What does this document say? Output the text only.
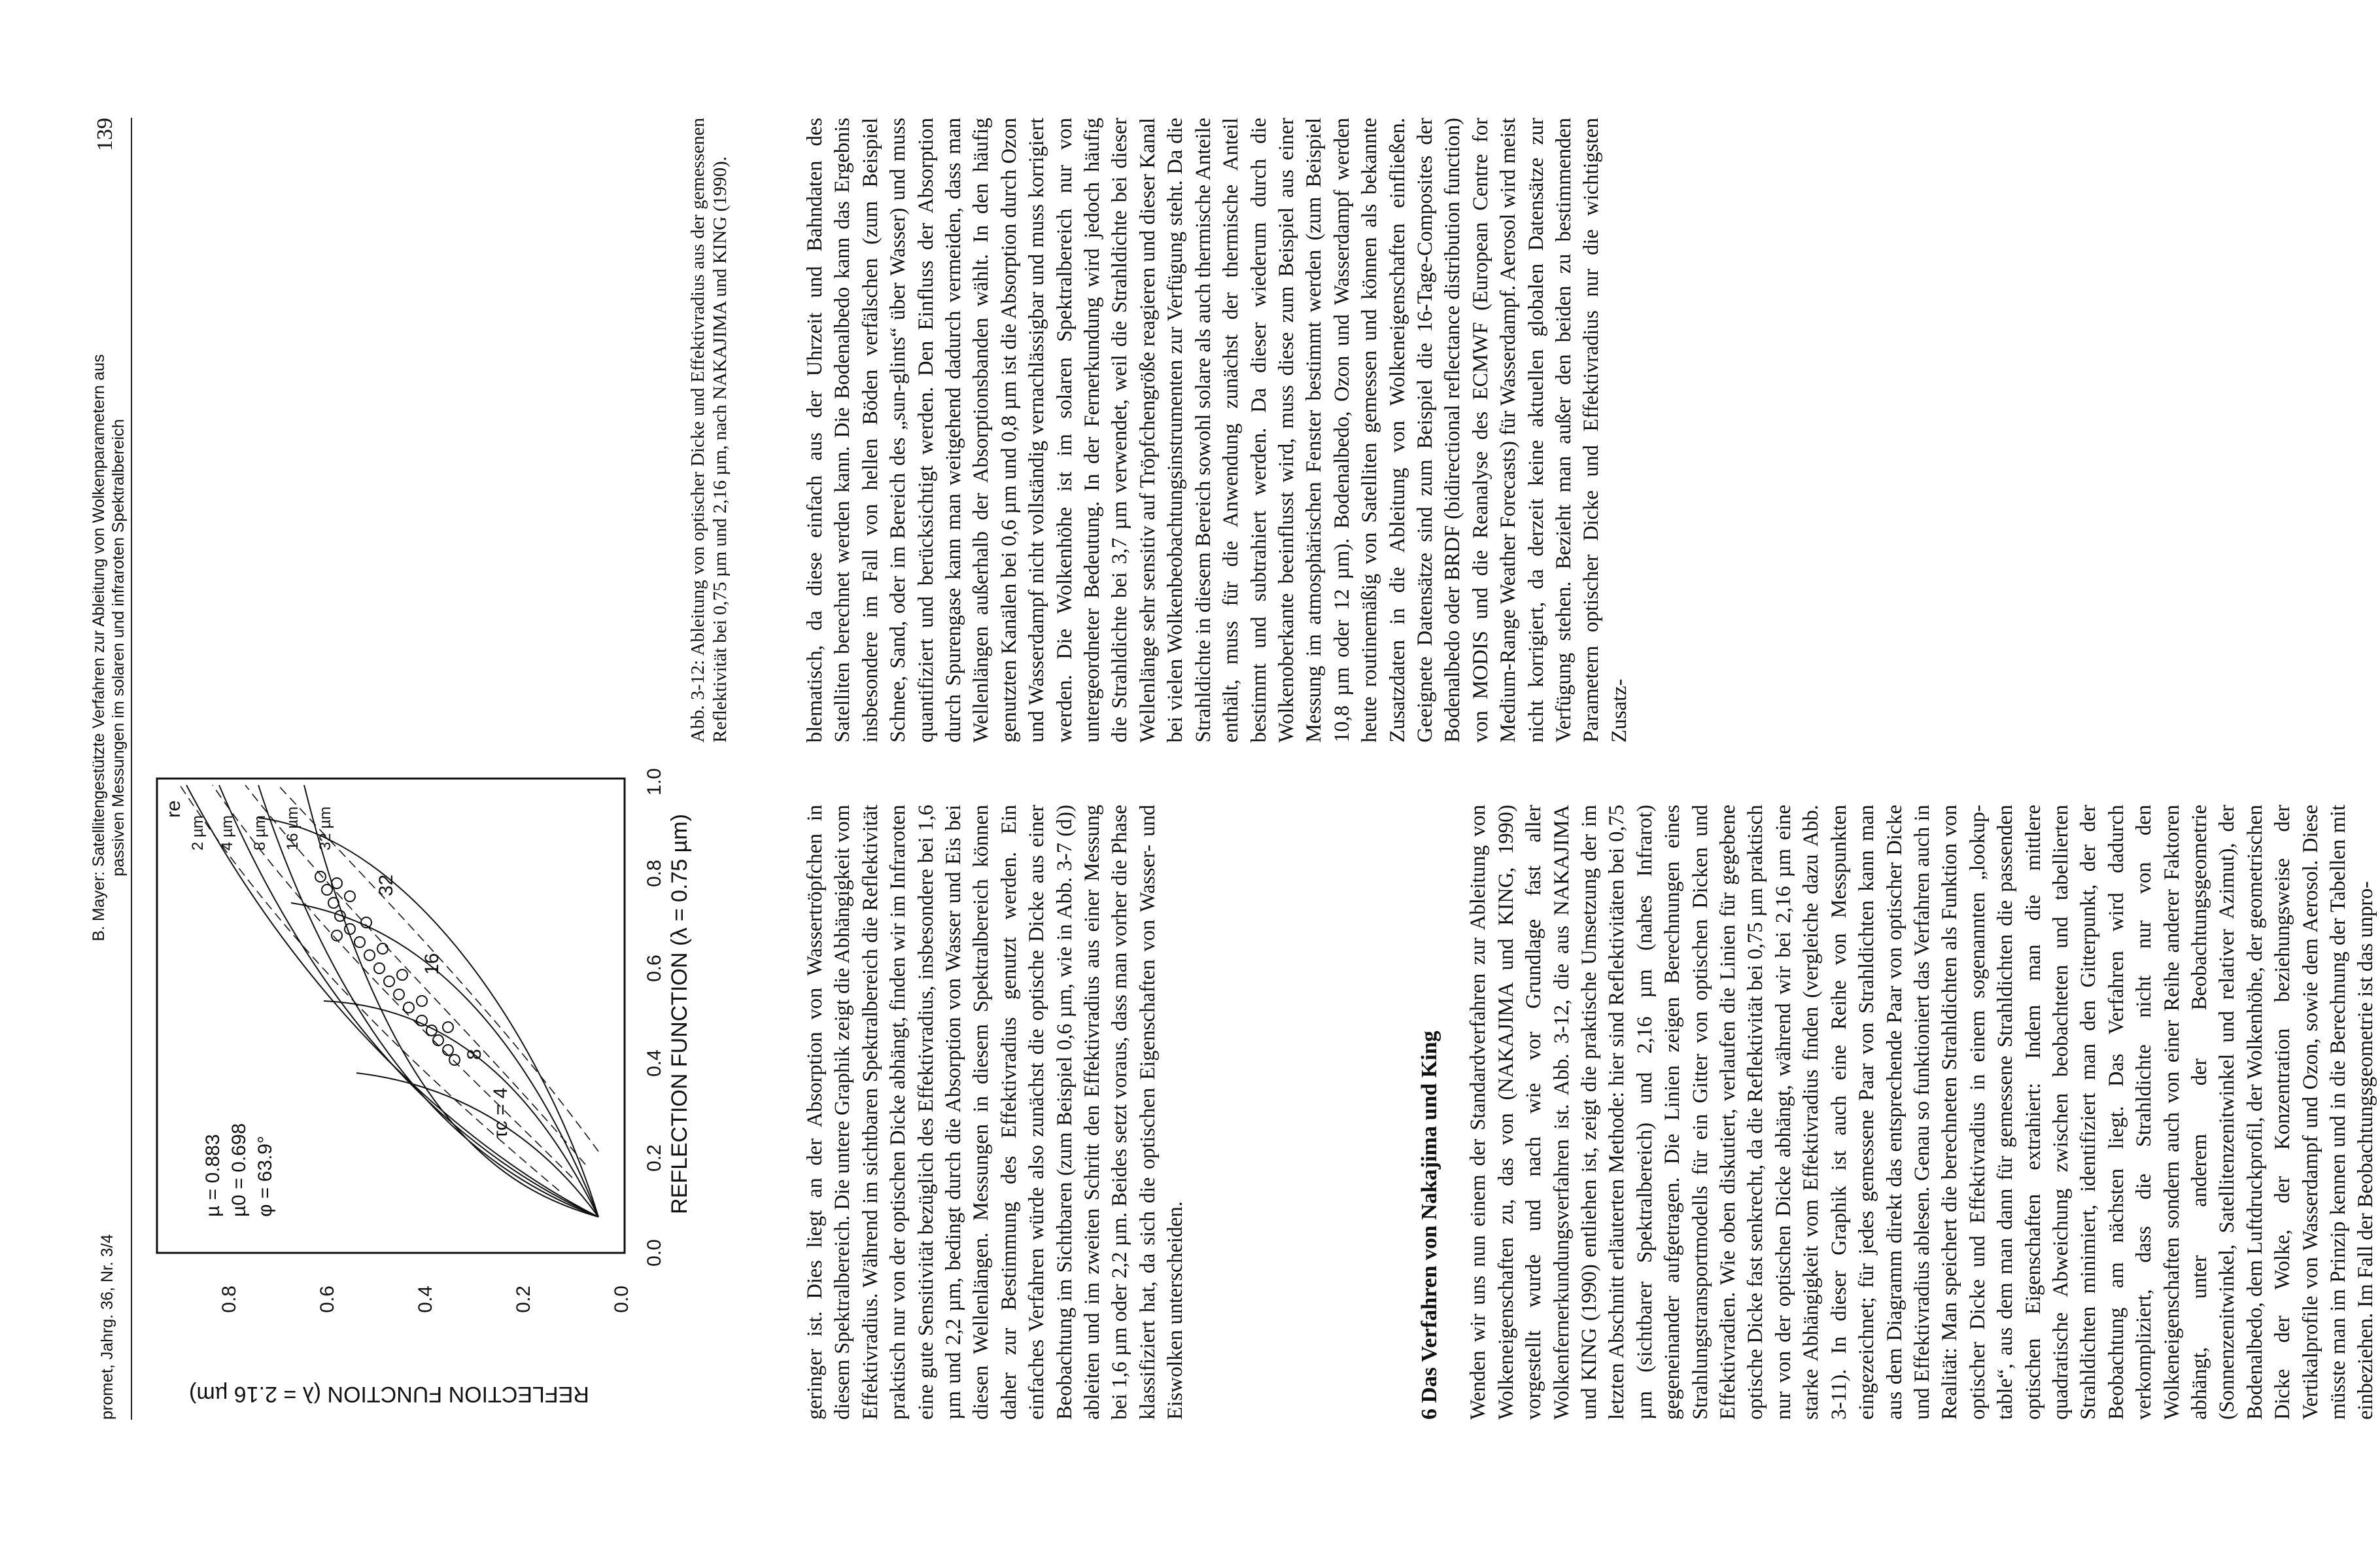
promet, Jahrg. 36, Nr. 3/4
B. Mayer: Satellitengestützte Verfahren zur Ableitung von Wolkenparametern aus passiven Messungen im solaren und infraroten Spektralbereich
139
REFLECTION FUNCTION (λ = 2.16 µm)
REFLECTION FUNCTION (λ = 0.75 µm)
0.0
0.2
0.4
0.6
0.8
1.0
0.0
0.2
0.4
0.6
0.8
µ = 0.883 µ0 = 0.698 φ = 63.9°
τc = 4
8
16
32
re
2 µm 4 µm 8 µm 16 µm 32 µm
Abb. 3-12: Ableitung von optischer Dicke und Effektivradius aus der gemessenen Reflektivität bei 0,75 µm und 2,16 µm, nach NAKAJIMA und KING (1990).

geringer ist. Dies liegt an der Absorption von Wassertröpfchen in diesem Spektralbereich. Die untere Graphik zeigt die Abhängigkeit vom Effektivradius. Während im sichtbaren Spektralbereich die Reflektivität praktisch nur von der optischen Dicke abhängt, finden wir im Infraroten eine gute Sensitivität bezüglich des Effektivradius, insbesondere bei 1,6 µm und 2,2 µm, bedingt durch die Absorption von Wasser und Eis bei diesen Wellenlängen. Messungen in diesem Spektralbereich können daher zur Bestimmung des Effektivradius genutzt werden. Ein einfaches Verfahren würde also zunächst die optische Dicke aus einer Beobachtung im Sichtbaren (zum Beispiel 0,6 µm, wie in Abb. 3-7 (d)) ableiten und im zweiten Schritt den Effektivradius aus einer Messung bei 1,6 µm oder 2,2 µm. Beides setzt voraus, dass man vorher die Phase klassifiziert hat, da sich die optischen Eigenschaften von Wasser- und Eiswolken unterscheiden.	6 Das Verfahren von Nakajima und King Wenden wir uns nun einem der Standardverfahren zur Ableitung von Wolkeneigenschaften zu, das von (NAKAJIMA und KING, 1990) vorgestellt wurde und nach wie vor Grundlage fast aller Wolkenfernerkundungsverfahren ist. Abb. 3-12, die aus NAKAJIMA und KING (1990) entliehen ist, zeigt die praktische Umsetzung der im letzten Abschnitt erläuterten Methode: hier sind Reflektivitäten bei 0,75 µm (sichtbarer Spektralbereich) und 2,16 µm (nahes Infrarot) gegeneinander aufgetragen. Die Linien zeigen Berechnungen eines Strahlungstransportmodells für ein Gitter von optischen Dicken und Effektivradien. Wie oben diskutiert, verlaufen die Linien für gegebene optische Dicke fast senkrecht, da die Reflektivität bei 0,75 µm praktisch nur von der optischen Dicke abhängt, während wir bei 2,16 µm eine starke Abhängigkeit vom Effektivradius finden (vergleiche dazu Abb. 3-11). In dieser Graphik ist auch eine Reihe von Messpunkten eingezeichnet; für jedes gemessene Paar von Strahldichten kann man aus dem Diagramm direkt das entsprechende Paar von optischer Dicke und Effektivradius ablesen. Genau so funktioniert das Verfahren auch in Realität: Man speichert die berechneten Strahldichten als Funktion von optischer Dicke und Effektivradius in einem sogenannten „lookup-table“, aus dem man dann für gemessene Strahldichten die passenden optischen Eigenschaften extrahiert: Indem man die mittlere quadratische Abweichung zwischen beobachteten und tabellierten Strahldichten minimiert, identifiziert man den Gitterpunkt, der der Beobachtung am nächsten liegt. Das Verfahren wird dadurch verkompliziert, dass die Strahldichte nicht nur von den Wolkeneigenschaften sondern auch von einer Reihe anderer Faktoren abhängt, unter anderem der Beobachtungsgeometrie (Sonnenzenitwinkel, Satellitenzenitwinkel und relativer Azimut), der Bodenalbedo, dem Luftdruckprofil, der Wolkenhöhe, der geometrischen Dicke der Wolke, der Konzentration beziehungsweise der Vertikalprofile von Wasserdampf und Ozon, sowie dem Aerosol. Diese müsste man im Prinzip kennen und in die Berechnung der Tabellen mit einbeziehen. Im Fall der Beobachtungsgeometrie ist das unpro-

blematisch, da diese einfach aus der Uhrzeit und Bahndaten des Satelliten berechnet werden kann. Die Bodenalbedo kann das Ergebnis insbesondere im Fall von hellen Böden verfälschen (zum Beispiel Schnee, Sand, oder im Bereich des „sun-glints“ über Wasser) und muss quantifiziert und berücksichtigt werden. Den Einfluss der Absorption durch Spurengase kann man weitgehend dadurch vermeiden, dass man Wellenlängen außerhalb der Absorptionsbanden wählt. In den häufig genutzten Kanälen bei 0,6 µm und 0,8 µm ist die Absorption durch Ozon und Wasserdampf nicht vollständig vernachlässigbar und muss korrigiert werden. Die Wolkenhöhe ist im solaren Spektralbereich nur von untergeordneter Bedeutung. In der Fernerkundung wird jedoch häufig die Strahldichte bei 3,7 µm verwendet, weil die Strahldichte bei dieser Wellenlänge sehr sensitiv auf Tröpfchengröße reagieren und dieser Kanal bei vielen Wolkenbeobachtungsinstrumenten zur Verfügung steht. Da die Strahldichte in diesem Bereich sowohl solare als auch thermische Anteile enthält, muss für die Anwendung zunächst der thermische Anteil bestimmt und subtrahiert werden. Da dieser wiederum durch die Wolkenoberkante beeinflusst wird, muss diese zum Beispiel aus einer Messung im atmosphärischen Fenster bestimmt werden (zum Beispiel 10,8 µm oder 12 µm). Bodenalbedo, Ozon und Wasserdampf werden heute routinemäßig von Satelliten gemessen und können als bekannte Zusatzdaten in die Ableitung von Wolkeneigenschaften einfließen. Geeignete Datensätze sind zum Beispiel die 16-Tage-Composites der Bodenalbedo oder BRDF (bidirectional reflectance distribution function) von MODIS und die Reanalyse des ECMWF (European Centre for Medium-Range Weather Forecasts) für Wasserdampf. Aerosol wird meist nicht korrigiert, da derzeit keine aktuellen globalen Datensätze zur Verfügung stehen. Bezieht man außer den beiden zu bestimmenden Parametern optischer Dicke und Effektivradius nur die wichtigsten Zusatz-
